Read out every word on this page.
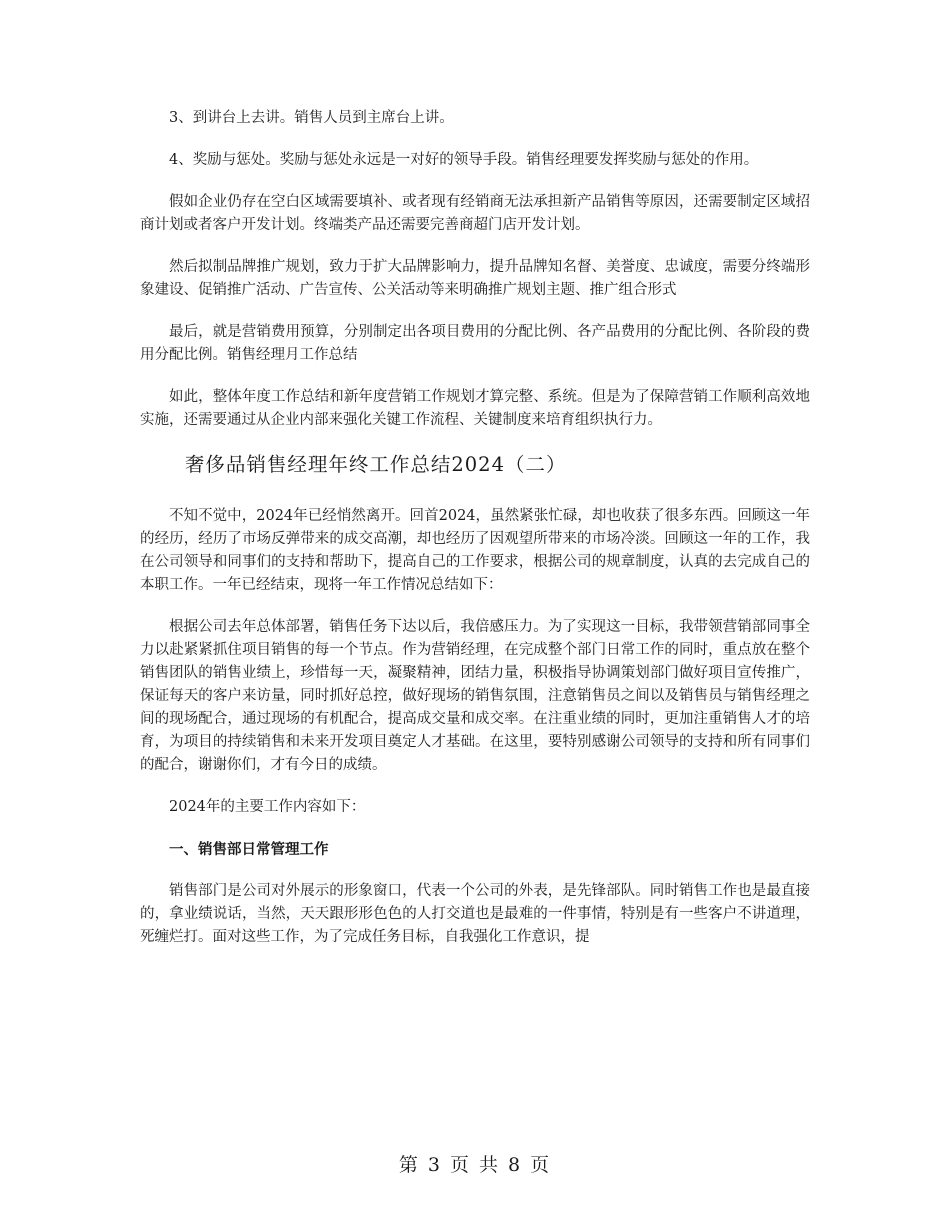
3、到讲台上去讲。销售人员到主席台上讲。

4、奖励与惩处。奖励与惩处永远是一对好的领导手段。销售经理要发挥奖励与惩处的作用。

假如企业仍存在空白区域需要填补、或者现有经销商无法承担新产品销售等原因，还需要制定区域招商计划或者客户开发计划。终端类产品还需要完善商超门店开发计划。

然后拟制品牌推广规划，致力于扩大品牌影响力，提升品牌知名督、美誉度、忠诚度，需要分终端形象建设、促销推广活动、广告宣传、公关活动等来明确推广规划主题、推广组合形式

最后，就是营销费用预算，分别制定出各项目费用的分配比例、各产品费用的分配比例、各阶段的费用分配比例。销售经理月工作总结

如此，整体年度工作总结和新年度营销工作规划才算完整、系统。但是为了保障营销工作顺利高效地实施，还需要通过从企业内部来强化关键工作流程、关键制度来培育组织执行力。

奢侈品销售经理年终工作总结2024（二）

不知不觉中，2024年已经悄然离开。回首2024，虽然紧张忙碌，却也收获了很多东西。回顾这一年的经历，经历了市场反弹带来的成交高潮，却也经历了因观望所带来的市场冷淡。回顾这一年的工作，我在公司领导和同事们的支持和帮助下，提高自己的工作要求，根据公司的规章制度，认真的去完成自己的本职工作。一年已经结束，现将一年工作情况总结如下：

根据公司去年总体部署，销售任务下达以后，我倍感压力。为了实现这一目标，我带领营销部同事全力以赴紧紧抓住项目销售的每一个节点。作为营销经理，在完成整个部门日常工作的同时，重点放在整个销售团队的销售业绩上，珍惜每一天，凝聚精神，团结力量，积极指导协调策划部门做好项目宣传推广，保证每天的客户来访量，同时抓好总控，做好现场的销售氛围，注意销售员之间以及销售员与销售经理之间的现场配合，通过现场的有机配合，提高成交量和成交率。在注重业绩的同时，更加注重销售人才的培育，为项目的持续销售和未来开发项目奠定人才基础。在这里，要特别感谢公司领导的支持和所有同事们的配合，谢谢你们，才有今日的成绩。

2024年的主要工作内容如下：

一、销售部日常管理工作

销售部门是公司对外展示的形象窗口，代表一个公司的外表，是先锋部队。同时销售工作也是最直接的，拿业绩说话，当然，天天跟形形色色的人打交道也是最难的一件事情，特别是有一些客户不讲道理，死缠烂打。面对这些工作，为了完成任务目标，自我强化工作意识，提

第 3 页 共 8 页
